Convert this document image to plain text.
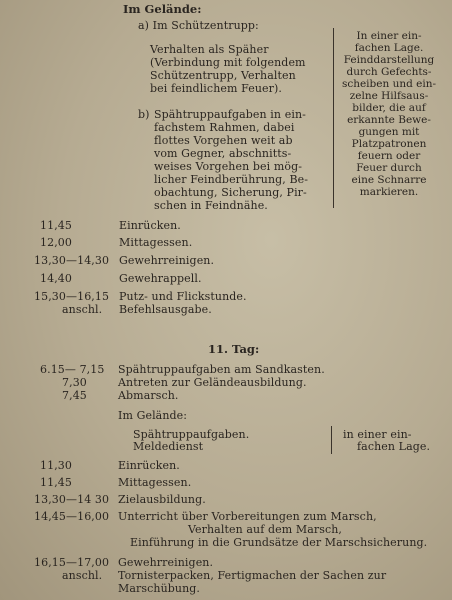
Im Gelände:
a) Im Schützentrupp:
Verhalten als Späher
(Verbindung mit folgendem
Schützentrupp, Verhalten
bei feindlichem Feuer).
b) Spähtruppaufgaben in ein-
fachstem Rahmen, dabei
flottes Vorgehen weit ab
vom Gegner, abschnitts-
weises Vorgehen bei mög-
licher Feindberührung, Be-
obachtung, Sicherung, Pir-
schen in Feindnähe.
In einer ein-
fachen Lage.
Feinddarstellung
durch Gefechts-
scheiben und ein-
zelne Hilfsaus-
bilder, die auf
erkannte Bewe-
gungen mit
Platzpatronen
feuern oder
Feuer durch
eine Schnarre
markieren.
11,45	Einrücken.
12,00	Mittagessen.
13,30—14,30 Gewehrreinigen.
14,40	Gewehrappell.
15,30—16,15 Putz- und Flickstunde.
anschl. Befehlsausgabe.
11. Tag:
6.15— 7,15 Spähtruppaufgaben am Sandkasten.
7,30	Antreten zur Geländeausbildung.
7,45	Abmarsch.
Im Gelände:
Spähtruppaufgaben.
Meldedienst
in einer ein-
fachen Lage.
11,30	Einrücken.
11,45	Mittagessen.
13,30—14 30 Zielausbildung.
14,45—16,00 Unterricht über Vorbereitungen zum Marsch,
Verhalten auf dem Marsch,
Einführung in die Grundsätze der Marschsicherung.
16,15—17,00 Gewehrreinigen.
anschl. Tornisterpacken, Fertigmachen der Sachen zur
Marschübung.
